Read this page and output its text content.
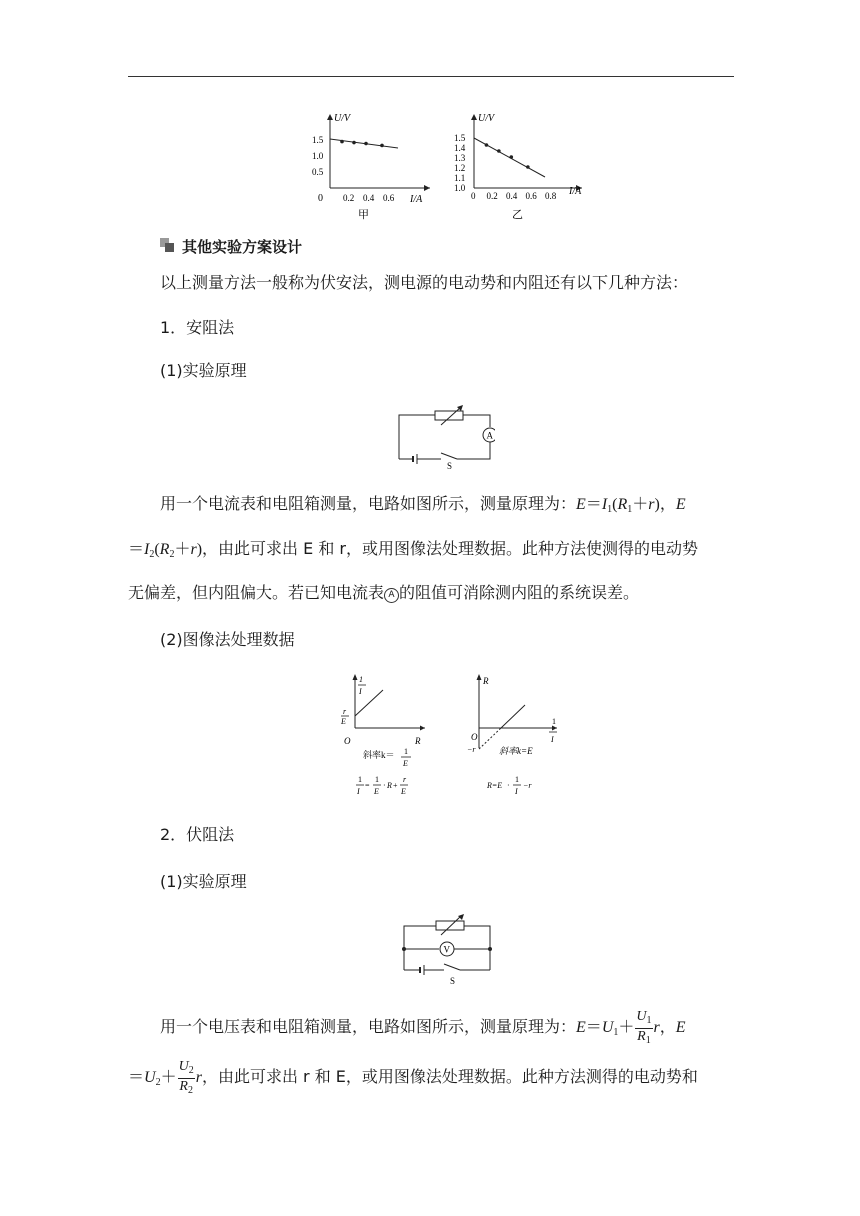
U/V
I/A
0
1.5
1.0
0.5
0.2 0.4 0.6
甲
U/V
I/A
1.5
1.4
1.3
1.2
1.1
1.0
0 0.2 0.4 0.6 0.8
乙
其他实验方案设计
以上测量方法一般称为伏安法，测电源的电动势和内阻还有以下几种方法：
1．安阻法
(1)实验原理
A
S
用一个电流表和电阻箱测量，电路如图所示，测量原理为：$E=I_1(R_1+r)$，E
$=I_2(R_2+r)$，由此可求出 E 和 r，或用图像法处理数据。此种方法使测得的电动势
无偏差，但内阻偏大。若已知电流表 A 的阻值可消除测内阻的系统误差。
(2)图像法处理数据
1
I
r
E
O	R
斜率k＝ 1
E
1
I
=
1
E
· R +
r
E
R
1
I
O
−r	斜率k=E
R=E ·
1
I
−r
2．伏阻法
(1)实验原理
V
S
用一个电压表和电阻箱测量，电路如图所示，测量原理为：$E=U_1+ \frac{U_1}{R_1}$ r，E
$=U_2+ \frac{U_2}{R_2}$ r，由此可求出 r 和 E，或用图像法处理数据。此种方法测得的电动势和
